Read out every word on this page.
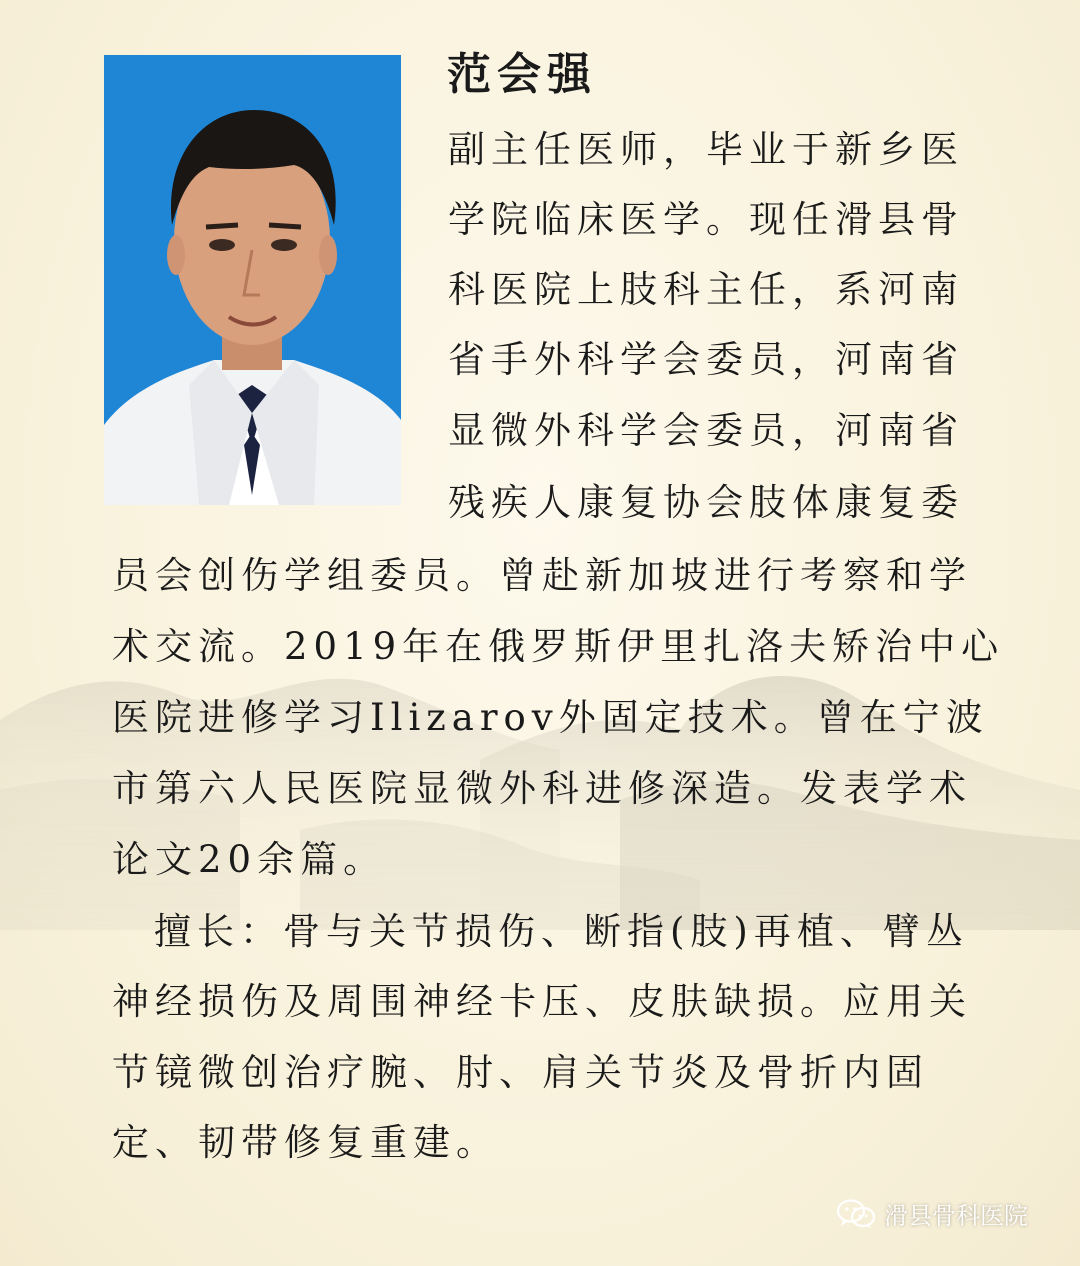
范会强
副主任医师，毕业于新乡医
学院临床医学。现任滑县骨
科医院上肢科主任，系河南
省手外科学会委员，河南省
显微外科学会委员，河南省
残疾人康复协会肢体康复委
员会创伤学组委员。曾赴新加坡进行考察和学
术交流。2019年在俄罗斯伊里扎洛夫矫治中心
医院进修学习Ilizarov外固定技术。曾在宁波
市第六人民医院显微外科进修深造。发表学术
论文20余篇。
擅长：骨与关节损伤、断指(肢)再植、臂丛
神经损伤及周围神经卡压、皮肤缺损。应用关
节镜微创治疗腕、肘、肩关节炎及骨折内固
定、韧带修复重建。
滑县骨科医院
